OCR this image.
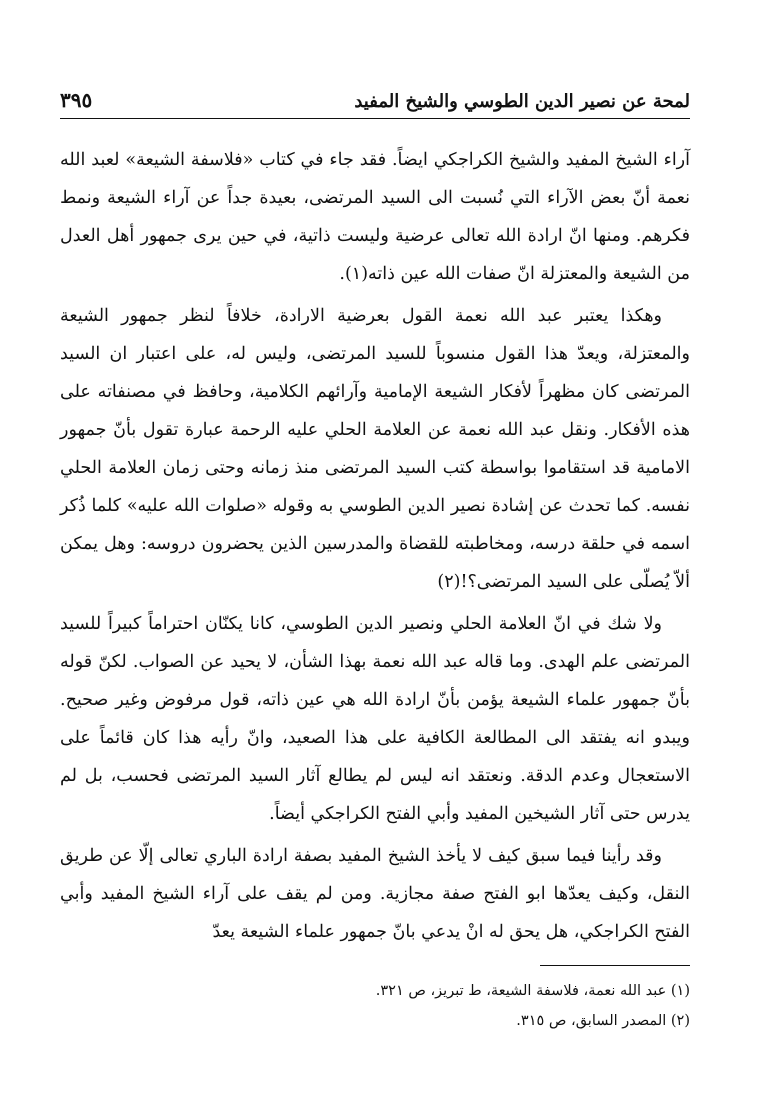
لمحة عن نصير الدين الطوسي والشيخ المفيد
٣٩٥

آراء الشيخ المفيد والشيخ الكراجكي ايضاً. فقد جاء في كتاب «فلاسفة الشيعة» لعبد الله نعمة أنّ بعض الآراء التي نُسبت الى السيد المرتضى، بعيدة جداً عن آراء الشيعة ونمط فكرهم. ومنها انّ ارادة الله تعالى عرضية وليست ذاتية، في حين يرى جمهور أهل العدل من الشيعة والمعتزلة انّ صفات الله عين ذاته(١).

وهكذا يعتبر عبد الله نعمة القول بعرضية الارادة، خلافاً لنظر جمهور الشيعة والمعتزلة، ويعدّ هذا القول منسوباً للسيد المرتضى، وليس له، على اعتبار ان السيد المرتضى كان مظهراً لأفكار الشيعة الإمامية وآرائهم الكلامية، وحافظ في مصنفاته على هذه الأفكار. ونقل عبد الله نعمة عن العلامة الحلي عليه الرحمة عبارة تقول بأنّ جمهور الامامية قد استقاموا بواسطة كتب السيد المرتضى منذ زمانه وحتى زمان العلامة الحلي نفسه. كما تحدث عن إشادة نصير الدين الطوسي به وقوله «صلوات الله عليه» كلما ذُكر اسمه في حلقة درسه، ومخاطبته للقضاة والمدرسين الذين يحضرون دروسه: وهل يمكن ألاّ يُصلّى على السيد المرتضى؟!(٢)

ولا شك في انّ العلامة الحلي ونصير الدين الطوسي، كانا يكنّان احتراماً كبيراً للسيد المرتضى علم الهدى. وما قاله عبد الله نعمة بهذا الشأن، لا يحيد عن الصواب. لكنّ قوله بأنّ جمهور علماء الشيعة يؤمن بأنّ ارادة الله هي عين ذاته، قول مرفوض وغير صحيح. ويبدو انه يفتقد الى المطالعة الكافية على هذا الصعيد، وانّ رأيه هذا كان قائماً على الاستعجال وعدم الدقة. ونعتقد انه ليس لم يطالع آثار السيد المرتضى فحسب، بل لم يدرس حتى آثار الشيخين المفيد وأبي الفتح الكراجكي أيضاً.

وقد رأينا فيما سبق كيف لا يأخذ الشيخ المفيد بصفة ارادة الباري تعالى إلّا عن طريق النقل، وكيف يعدّها ابو الفتح صفة مجازية. ومن لم يقف على آراء الشيخ المفيد وأبي الفتح الكراجكي، هل يحق له انْ يدعي بانّ جمهور علماء الشيعة يعدّ

(١) عبد الله نعمة، فلاسفة الشيعة، ط تبريز، ص ٣٢١.

(٢) المصدر السابق، ص ٣١٥.
